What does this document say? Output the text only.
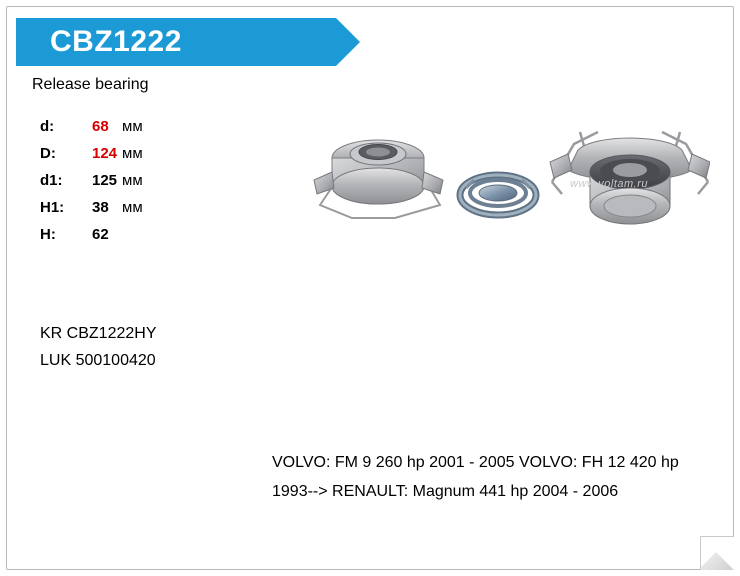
CBZ1222
Release bearing
d:	68	мм
D:	124	мм
d1:	125	мм
H1:	38	мм
H:	62	
KR CBZ1222HY
LUK 500100420
VOLVO: FM 9 260 hp 2001 - 2005 VOLVO: FH 12 420 hp 1993--> RENAULT: Magnum 441 hp 2004 - 2006
www.voltam.ru
